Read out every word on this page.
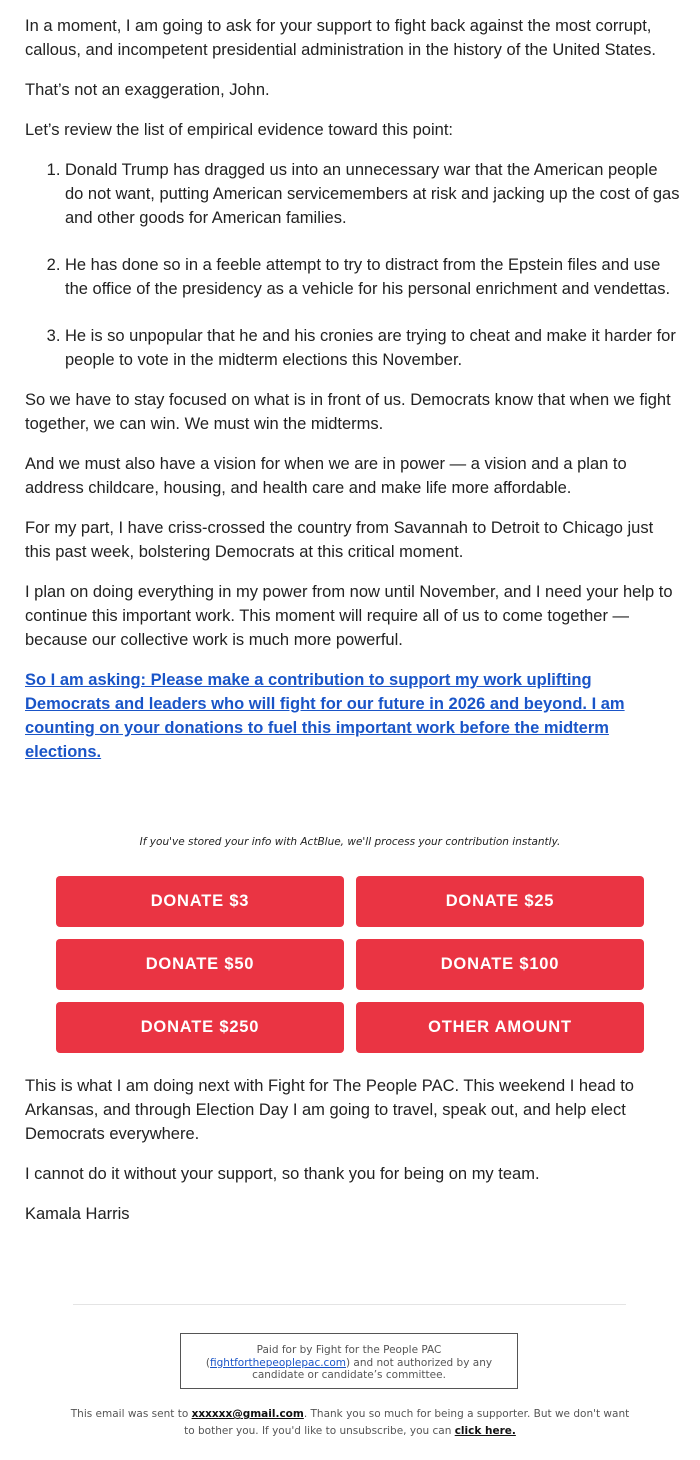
In a moment, I am going to ask for your support to fight back against the most corrupt, callous, and incompetent presidential administration in the history of the United States.

That’s not an exaggeration, John.

Let’s review the list of empirical evidence toward this point:

1. Donald Trump has dragged us into an unnecessary war that the American people do not want, putting American servicemembers at risk and jacking up the cost of gas and other goods for American families.
2. He has done so in a feeble attempt to try to distract from the Epstein files and use the office of the presidency as a vehicle for his personal enrichment and vendettas.
3. He is so unpopular that he and his cronies are trying to cheat and make it harder for people to vote in the midterm elections this November.

So we have to stay focused on what is in front of us. Democrats know that when we fight together, we can win. We must win the midterms.

And we must also have a vision for when we are in power — a vision and a plan to address childcare, housing, and health care and make life more affordable.

For my part, I have criss-crossed the country from Savannah to Detroit to Chicago just this past week, bolstering Democrats at this critical moment.

I plan on doing everything in my power from now until November, and I need your help to continue this important work. This moment will require all of us to come together — because our collective work is much more powerful.

So I am asking: Please make a contribution to support my work uplifting Democrats and leaders who will fight for our future in 2026 and beyond. I am counting on your donations to fuel this important work before the midterm elections.
If you've stored your info with ActBlue, we'll process your contribution instantly.
DONATE $3	DONATE $25
DONATE $50	DONATE $100
DONATE $250	OTHER AMOUNT

This is what I am doing next with Fight for The People PAC. This weekend I head to Arkansas, and through Election Day I am going to travel, speak out, and help elect Democrats everywhere.

I cannot do it without your support, so thank you for being on my team.

Kamala Harris

Paid for by Fight for the People PAC
(fightforthepeoplepac.com) and not authorized by any candidate or candidate’s committee.
This email was sent to xxxxxx@gmail.com. Thank you so much for being a supporter. But we don't want to bother you. If you'd like to unsubscribe, you can click here.
